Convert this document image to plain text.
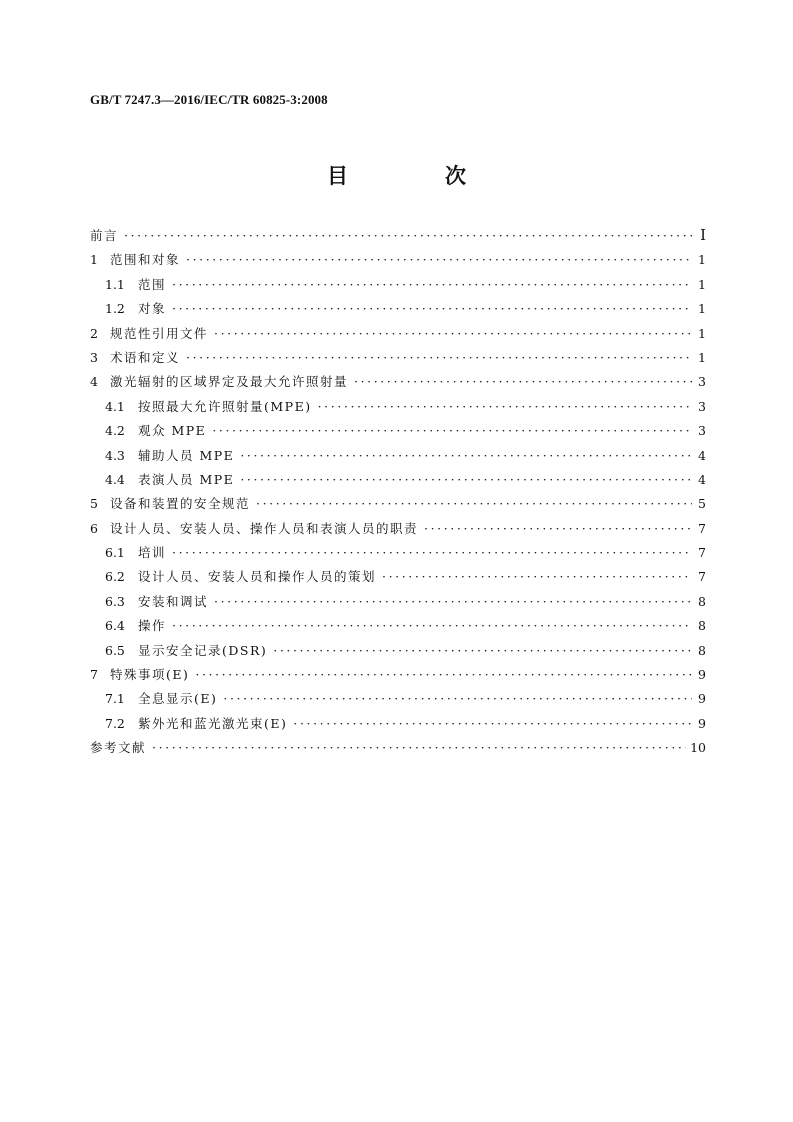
GB/T 7247.3—2016/IEC/TR 60825-3:2008
目　次
前言 ·····	Ⅰ
1 范围和对象 ·····	1
1.1	范围 ·····	1
1.2	对象 ·····	1
2 规范性引用文件 ·····	1
3 术语和定义 ·····	1
4 激光辐射的区域界定及最大允许照射量 ·····	3
4.1	按照最大允许照射量(MPE) ·····	3
4.2	观众 MPE ·····	3
4.3	辅助人员 MPE ·····	4
4.4	表演人员 MPE ·····	4
5 设备和装置的安全规范 ·····	5
6 设计人员、安装人员、操作人员和表演人员的职责 ·····	7
6.1	培训 ·····	7
6.2	设计人员、安装人员和操作人员的策划 ·····	7
6.3	安装和调试 ·····	8
6.4	操作 ·····	8
6.5	显示安全记录(DSR) ·····	8
7 特殊事项(E) ·····	9
7.1	全息显示(E) ·····	9
7.2	紫外光和蓝光激光束(E) ·····	9
参考文献 ·····	10
